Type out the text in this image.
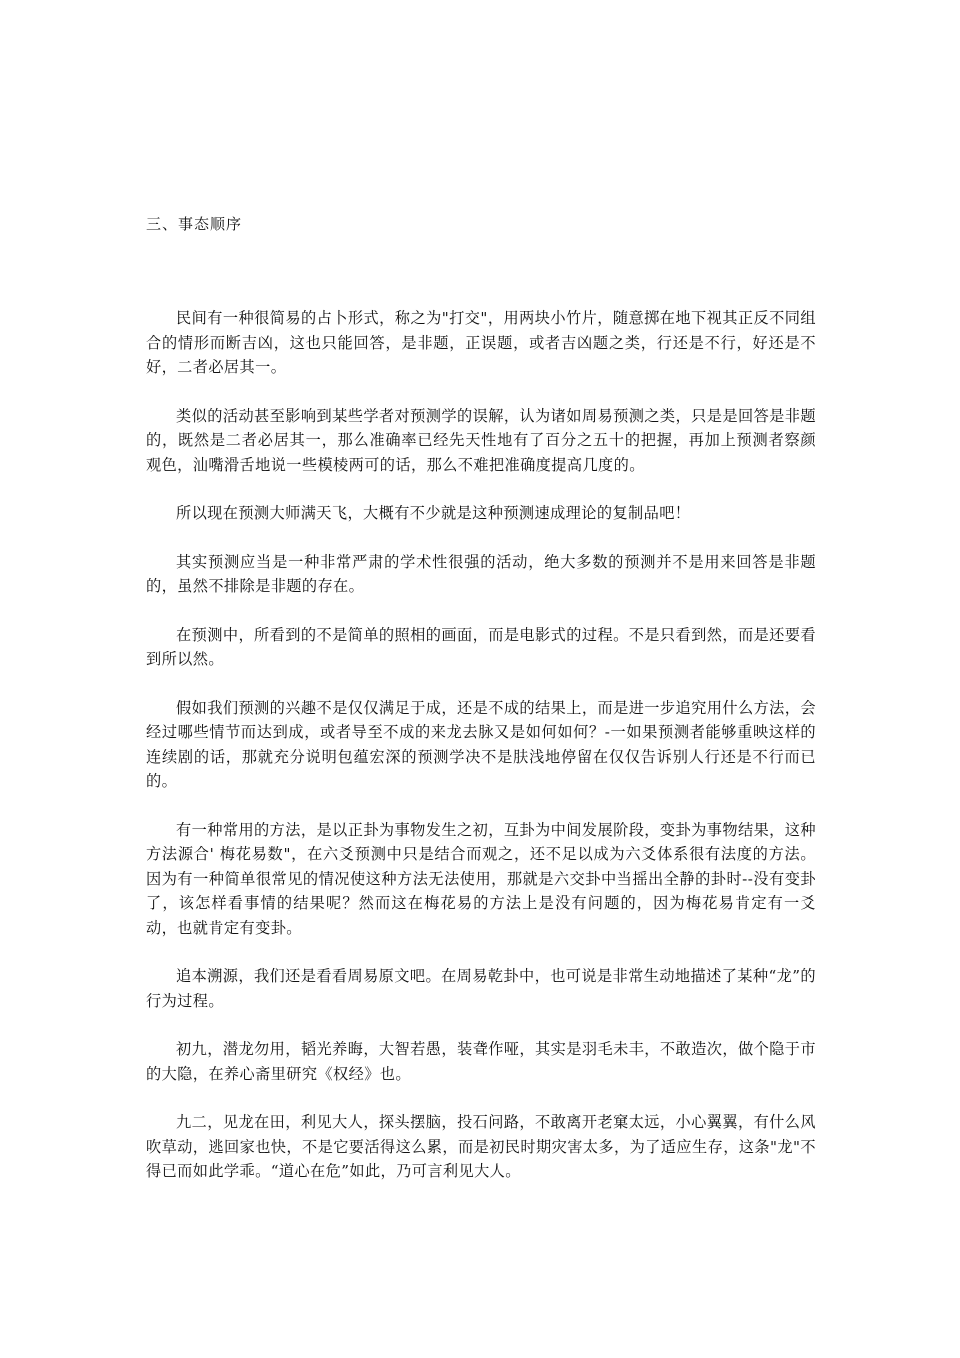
三、事态顺序

民间有一种很简易的占卜形式，称之为"打交"，用两块小竹片，随意掷在地下视其正反不同组合的情形而断吉凶，这也只能回答，是非题，正误题，或者吉凶题之类，行还是不行，好还是不好，二者必居其一。

类似的活动甚至影响到某些学者对预测学的误解，认为诸如周易预测之类，只是是回答是非题的，既然是二者必居其一，那么准确率已经先天性地有了百分之五十的把握，再加上预测者察颜观色，汕嘴滑舌地说一些模棱两可的话，那么不难把准确度提高几度的。

所以现在预测大师满天飞，大概有不少就是这种预测速成理论的复制品吧！

其实预测应当是一种非常严肃的学术性很强的活动，绝大多数的预测并不是用来回答是非题的，虽然不排除是非题的存在。

在预测中，所看到的不是简单的照相的画面，而是电影式的过程。不是只看到然，而是还要看到所以然。

假如我们预测的兴趣不是仅仅满足于成，还是不成的结果上，而是进一步追究用什么方法，会经过哪些情节而达到成，或者导至不成的来龙去脉又是如何如何？-一如果预测者能够重映这样的连续剧的话，那就充分说明包蕴宏深的预测学决不是肤浅地停留在仅仅告诉别人行还是不行而已的。

有一种常用的方法，是以正卦为事物发生之初，互卦为中间发展阶段，变卦为事物结果，这种方法源合' 梅花易数"，在六爻预测中只是结合而观之，还不足以成为六爻体系很有法度的方法。因为有一种简单很常见的情况使这种方法无法使用，那就是六交卦中当摇出全静的卦时--没有变卦了，该怎样看事情的结果呢？然而这在梅花易的方法上是没有问题的，因为梅花易肯定有一爻动，也就肯定有变卦。

追本溯源，我们还是看看周易原文吧。在周易乾卦中，也可说是非常生动地描述了某种“龙”的行为过程。

初九，潜龙勿用，韬光养晦，大智若愚，装聋作哑，其实是羽毛未丰，不敢造次，做个隐于市的大隐，在养心斋里研究《权经》也。

九二，见龙在田，利见大人，探头摆脑，投石问路，不敢离开老窠太远，小心翼翼，有什么风吹草动，逃回家也快，不是它要活得这么累，而是初民时期灾害太多，为了适应生存，这条"龙"不得已而如此学乖。“道心在危”如此，乃可言利见大人。
